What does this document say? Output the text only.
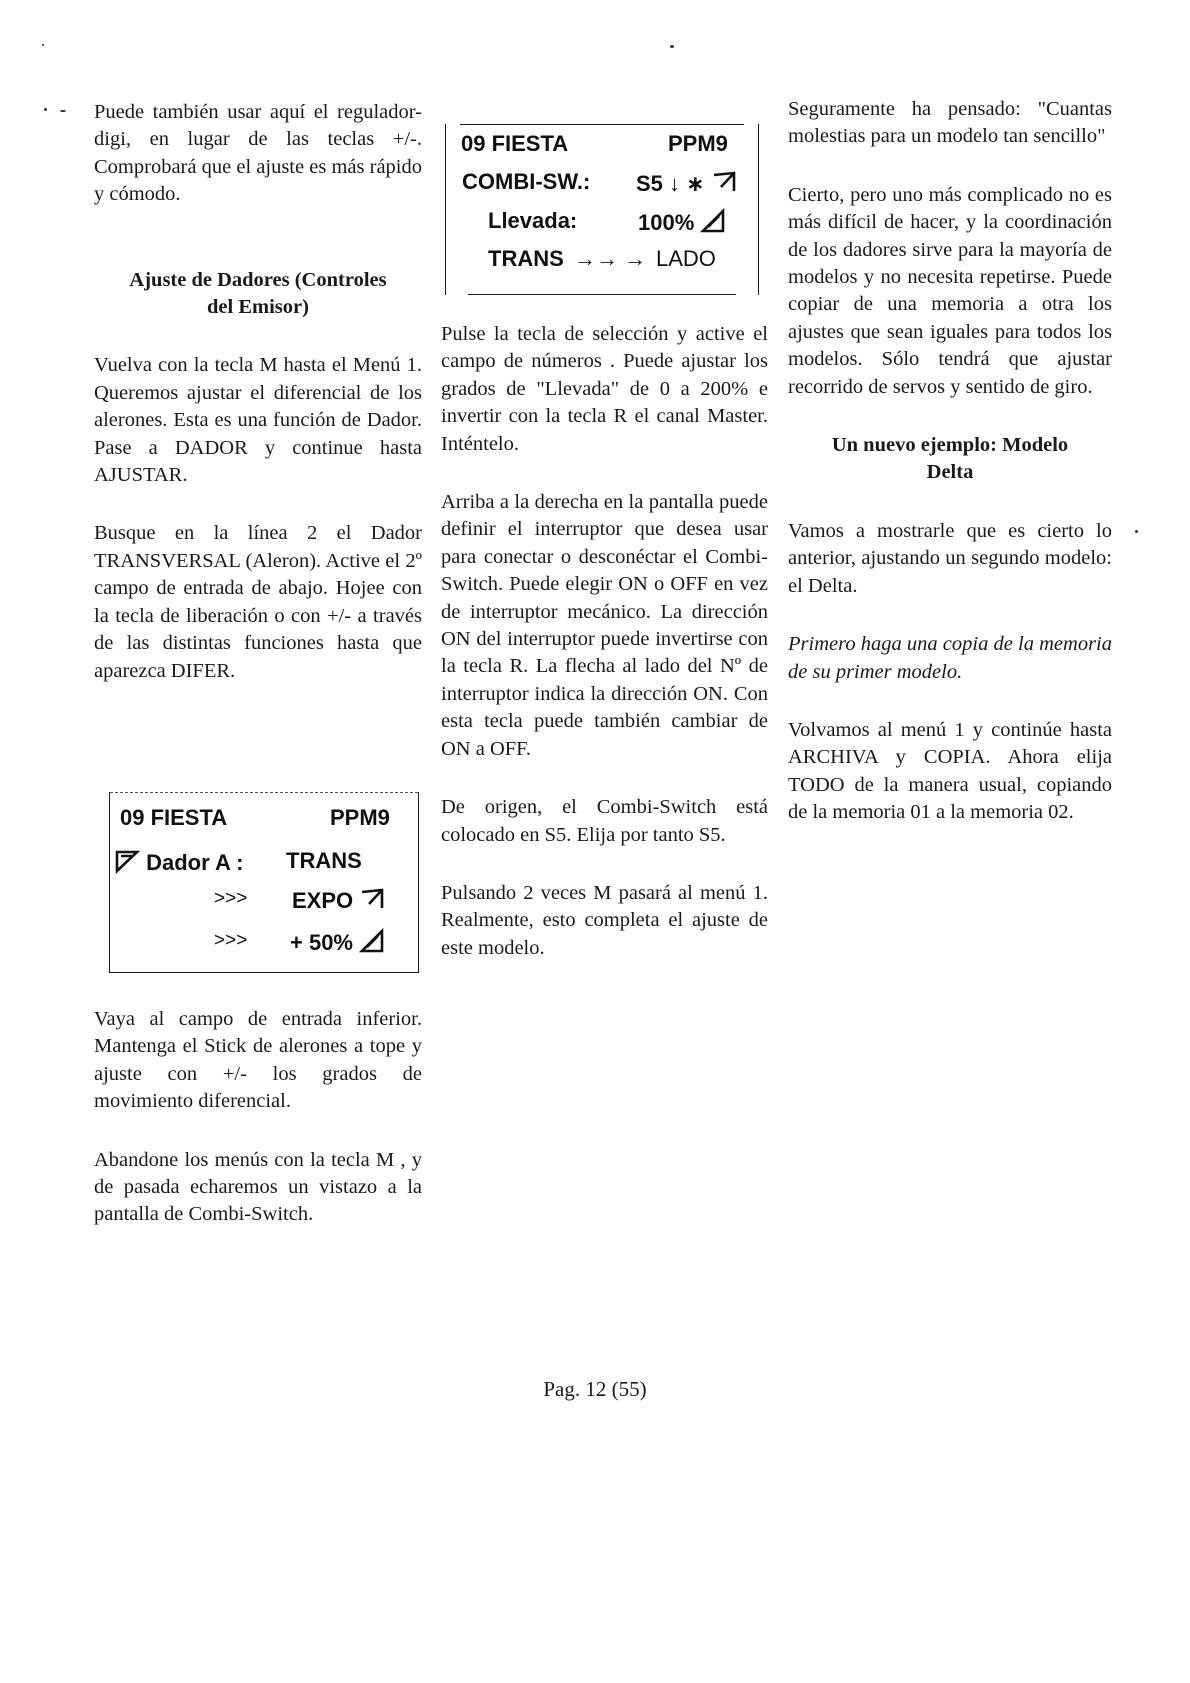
Puede también usar aquí el regulador-digi, en lugar de las teclas +/-. Comprobará que el ajuste es más rápido y cómodo.

Ajuste de Dadores (Controles

del Emisor)

Vuelva con la tecla M hasta el Menú 1. Queremos ajustar el diferencial de los alerones. Esta es una función de Dador. Pase a DADOR y continue hasta AJUSTAR.

Busque en la línea 2 el Dador TRANSVERSAL (Aleron). Active el 2º campo de entrada de abajo. Hojee con la tecla de liberación o con +/- a través de las distintas funciones hasta que aparezca DIFER.

Vaya al campo de entrada inferior. Mantenga el Stick de alerones a tope y ajuste con +/- los grados de movimiento diferencial.

Abandone los menús con la tecla M , y de pasada echaremos un vistazo a la pantalla de Combi-Switch.

09 FIESTA	PPM9
COMBI-SW.: S5 ↓ ∗
Llevada:	100%
TRANS →→ → LADO
09 FIESTA	PPM9
Dador A : TRANS
>>> EXPO
>>> + 50%

Pulse la tecla de selección y active el campo de números . Puede ajustar los grados de "Llevada" de 0 a 200% e invertir con la tecla R el canal Master. Inténtelo.

Arriba a la derecha en la pantalla puede definir el interruptor que desea usar para conectar o desconéctar el Combi-Switch. Puede elegir ON o OFF en vez de interruptor mecánico. La dirección ON del interruptor puede invertirse con la tecla R. La flecha al lado del Nº de interruptor indica la dirección ON. Con esta tecla puede también cambiar de ON a OFF.

De origen, el Combi-Switch está colocado en S5. Elija por tanto S5.

Pulsando 2 veces M pasará al menú 1. Realmente, esto completa el ajuste de este modelo.

Seguramente ha pensado: "Cuantas molestias para un modelo tan sencillo"

Cierto, pero uno más complicado no es más difícil de hacer, y la coordinación de los dadores sirve para la mayoría de modelos y no necesita repetirse. Puede copiar de una memoria a otra los ajustes que sean iguales para todos los modelos. Sólo tendrá que ajustar recorrido de servos y sentido de giro.

Un nuevo ejemplo: Modelo

Delta

Vamos a mostrarle que es cierto lo anterior, ajustando un segundo modelo: el Delta.

Primero haga una copia de la memoria de su primer modelo.

Volvamos al menú 1 y continúe hasta ARCHIVA y COPIA. Ahora elija TODO de la manera usual, copiando de la memoria 01 a la memoria 02.

Pag. 12 (55)
